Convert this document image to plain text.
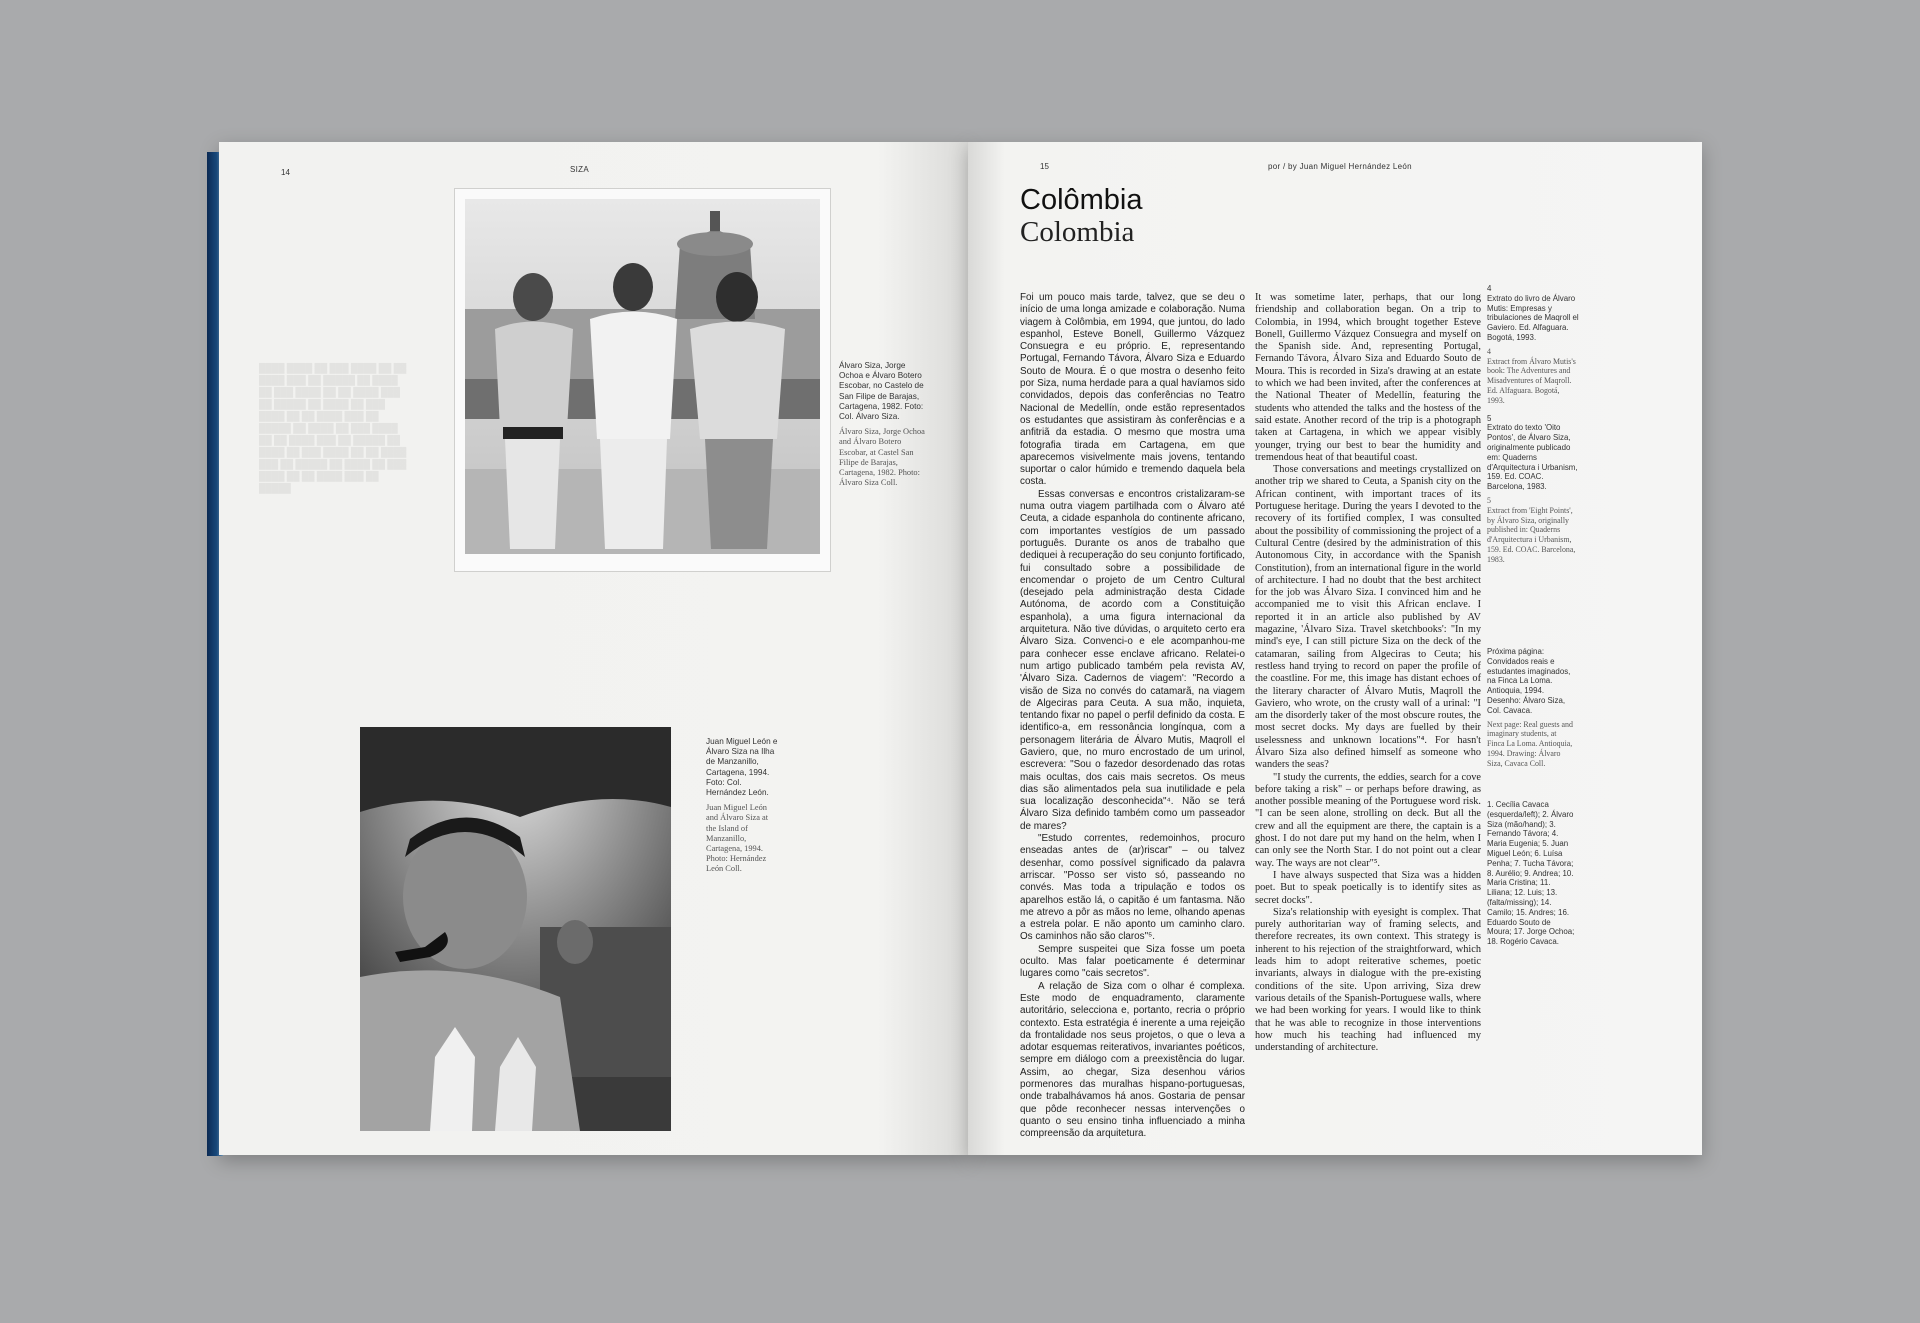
14	SIZA
████ ████ ██ ███ ████ ██ ██ ████ ███ ██ █████ ██ ████ ██ ███ ████ ██ ██ ████ ███ ██ █████ ██ ████ ██ ███ ████ ██ ██ ████ ███ ██ █████ ██ ████ ██ ███ ████ ██ ██ ████ ███ ██ █████ ██ ████ ██ ███ ████ ██ ██ ████ ███ ██ █████ ██ ████ ██ ███ ████ ██ ██ ████ ███ ██ █████
Álvaro Siza, Jorge Ochoa e Álvaro Botero Escobar, no Castelo de San Filipe de Barajas, Cartagena, 1982. Foto: Col. Álvaro Siza.
Álvaro Siza, Jorge Ochoa and Álvaro Botero Escobar, at Castel San Filipe de Barajas, Cartagena, 1982. Photo: Álvaro Siza Coll.
Juan Miguel León e Álvaro Siza na Ilha de Manzanillo, Cartagena, 1994. Foto: Col. Hernández León.
Juan Miguel León and Álvaro Siza at the Island of Manzanillo, Cartagena, 1994. Photo: Hernández León Coll.
15	por / by Juan Miguel Hernández León
Colômbia
Colombia

Foi um pouco mais tarde, talvez, que se deu o início de uma longa amizade e colaboração. Numa viagem à Colômbia, em 1994, que juntou, do lado espanhol, Esteve Bonell, Guillermo Vázquez Consuegra e eu próprio. E, representando Portugal, Fernando Távora, Álvaro Siza e Eduardo Souto de Moura. É o que mostra o desenho feito por Siza, numa herdade para a qual havíamos sido convidados, depois das conferências no Teatro Nacional de Medellín, onde estão representados os estudantes que assistiram às conferências e a anfitriã da estadia. O mesmo que mostra uma fotografia tirada em Cartagena, em que aparecemos visivelmente mais jovens, tentando suportar o calor húmido e tremendo daquela bela costa.

Essas conversas e encontros cristalizaram-se numa outra viagem partilhada com o Álvaro até Ceuta, a cidade espanhola do continente africano, com importantes vestígios de um passado português. Durante os anos de trabalho que dediquei à recuperação do seu conjunto fortificado, fui consultado sobre a possibilidade de encomendar o projeto de um Centro Cultural (desejado pela administração desta Cidade Autónoma, de acordo com a Constituição espanhola), a uma figura internacional da arquitetura. Não tive dúvidas, o arquiteto certo era Álvaro Siza. Convenci-o e ele acompanhou-me para conhecer esse enclave africano. Relatei-o num artigo publicado também pela revista AV, 'Álvaro Siza. Cadernos de viagem': "Recordo a visão de Siza no convés do catamarã, na viagem de Algeciras para Ceuta. A sua mão, inquieta, tentando fixar no papel o perfil definido da costa. E identifico-a, em ressonância longínqua, com a personagem literária de Álvaro Mutis, Maqroll el Gaviero, que, no muro encrostado de um urinol, escrevera: "Sou o fazedor desordenado das rotas mais ocultas, dos cais mais secretos. Os meus dias são alimentados pela sua inutilidade e pela sua localização desconhecida"⁴. Não se terá Álvaro Siza definido também como um passeador de mares?

"Estudo correntes, redemoinhos, procuro enseadas antes de (ar)riscar" – ou talvez desenhar, como possível significado da palavra arriscar. "Posso ser visto só, passeando no convés. Mas toda a tripulação e todos os aparelhos estão lá, o capitão é um fantasma. Não me atrevo a pôr as mãos no leme, olhando apenas a estrela polar. E não aponto um caminho claro. Os caminhos não são claros"⁵.

Sempre suspeitei que Siza fosse um poeta oculto. Mas falar poeticamente é determinar lugares como "cais secretos".

A relação de Siza com o olhar é complexa. Este modo de enquadramento, claramente autoritário, selecciona e, portanto, recria o próprio contexto. Esta estratégia é inerente a uma rejeição da frontalidade nos seus projetos, o que o leva a adotar esquemas reiterativos, invariantes poéticos, sempre em diálogo com a preexistência do lugar. Assim, ao chegar, Siza desenhou vários pormenores das muralhas hispano-portuguesas, onde trabalhávamos há anos. Gostaria de pensar que pôde reconhecer nessas intervenções o quanto o seu ensino tinha influenciado a minha compreensão da arquitetura.

It was sometime later, perhaps, that our long friendship and collaboration began. On a trip to Colombia, in 1994, which brought together Esteve Bonell, Guillermo Vázquez Consuegra and myself on the Spanish side. And, representing Portugal, Fernando Távora, Álvaro Siza and Eduardo Souto de Moura. This is recorded in Siza's drawing at an estate to which we had been invited, after the conferences at the National Theater of Medellín, featuring the students who attended the talks and the hostess of the said estate. Another record of the trip is a photograph taken at Cartagena, in which we appear visibly younger, trying our best to bear the humidity and tremendous heat of that beautiful coast.

Those conversations and meetings crystallized on another trip we shared to Ceuta, a Spanish city on the African continent, with important traces of its Portuguese heritage. During the years I devoted to the recovery of its fortified complex, I was consulted about the possibility of commissioning the project of a Cultural Centre (desired by the administration of this Autonomous City, in accordance with the Spanish Constitution), from an international figure in the world of architecture. I had no doubt that the best architect for the job was Álvaro Siza. I convinced him and he accompanied me to visit this African enclave. I reported it in an article also published by AV magazine, 'Álvaro Siza. Travel sketchbooks': "In my mind's eye, I can still picture Siza on the deck of the catamaran, sailing from Algeciras to Ceuta; his restless hand trying to record on paper the profile of the coastline. For me, this image has distant echoes of the literary character of Álvaro Mutis, Maqroll the Gaviero, who wrote, on the crusty wall of a urinal: "I am the disorderly taker of the most obscure routes, the most secret docks. My days are fuelled by their uselessness and unknown locations"⁴. For hasn't Álvaro Siza also defined himself as someone who wanders the seas?

"I study the currents, the eddies, search for a cove before taking a risk" – or perhaps before drawing, as another possible meaning of the Portuguese word risk. "I can be seen alone, strolling on deck. But all the crew and all the equipment are there, the captain is a ghost. I do not dare put my hand on the helm, when I can only see the North Star. I do not point out a clear way. The ways are not clear"⁵.

I have always suspected that Siza was a hidden poet. But to speak poetically is to identify sites as secret docks".

Siza's relationship with eyesight is complex. That purely authoritarian way of framing selects, and therefore recreates, its own context. This strategy is inherent to his rejection of the straightforward, which leads him to adopt reiterative schemes, poetic invariants, always in dialogue with the pre-existing conditions of the site. Upon arriving, Siza drew various details of the Spanish-Portuguese walls, where we had been working for years. I would like to think that he was able to recognize in those interventions how much his teaching had influenced my understanding of architecture.

4
Extrato do livro de Álvaro Mutis: Empresas y tribulaciones de Maqroll el Gaviero. Ed. Alfaguara. Bogotá, 1993.
4
Extract from Álvaro Mutis's book: The Adventures and Misadventures of Maqroll. Ed. Alfaguara. Bogotá, 1993.
5
Extrato do texto 'Oito Pontos', de Álvaro Siza, originalmente publicado em: Quaderns d'Arquitectura i Urbanism, 159. Ed. COAC. Barcelona, 1983.
5
Extract from 'Eight Points', by Álvaro Siza, originally published in: Quaderns d'Arquitectura i Urbanism, 159. Ed. COAC. Barcelona, 1983.
Próxima página: Convidados reais e estudantes imaginados, na Finca La Loma. Antioquia, 1994. Desenho: Álvaro Siza, Col. Cavaca.
Next page: Real guests and imaginary students, at Finca La Loma. Antioquia, 1994. Drawing: Álvaro Siza, Cavaca Coll.
1. Cecília Cavaca (esquerda/left); 2. Álvaro Siza (mão/hand); 3. Fernando Távora; 4. Maria Eugenia; 5. Juan Miguel León; 6. Luísa Penha; 7. Tucha Távora; 8. Aurélio; 9. Andrea; 10. Maria Cristina; 11. Liliana; 12. Luis; 13. (falta/missing); 14. Camilo; 15. Andres; 16. Eduardo Souto de Moura; 17. Jorge Ochoa; 18. Rogério Cavaca.
